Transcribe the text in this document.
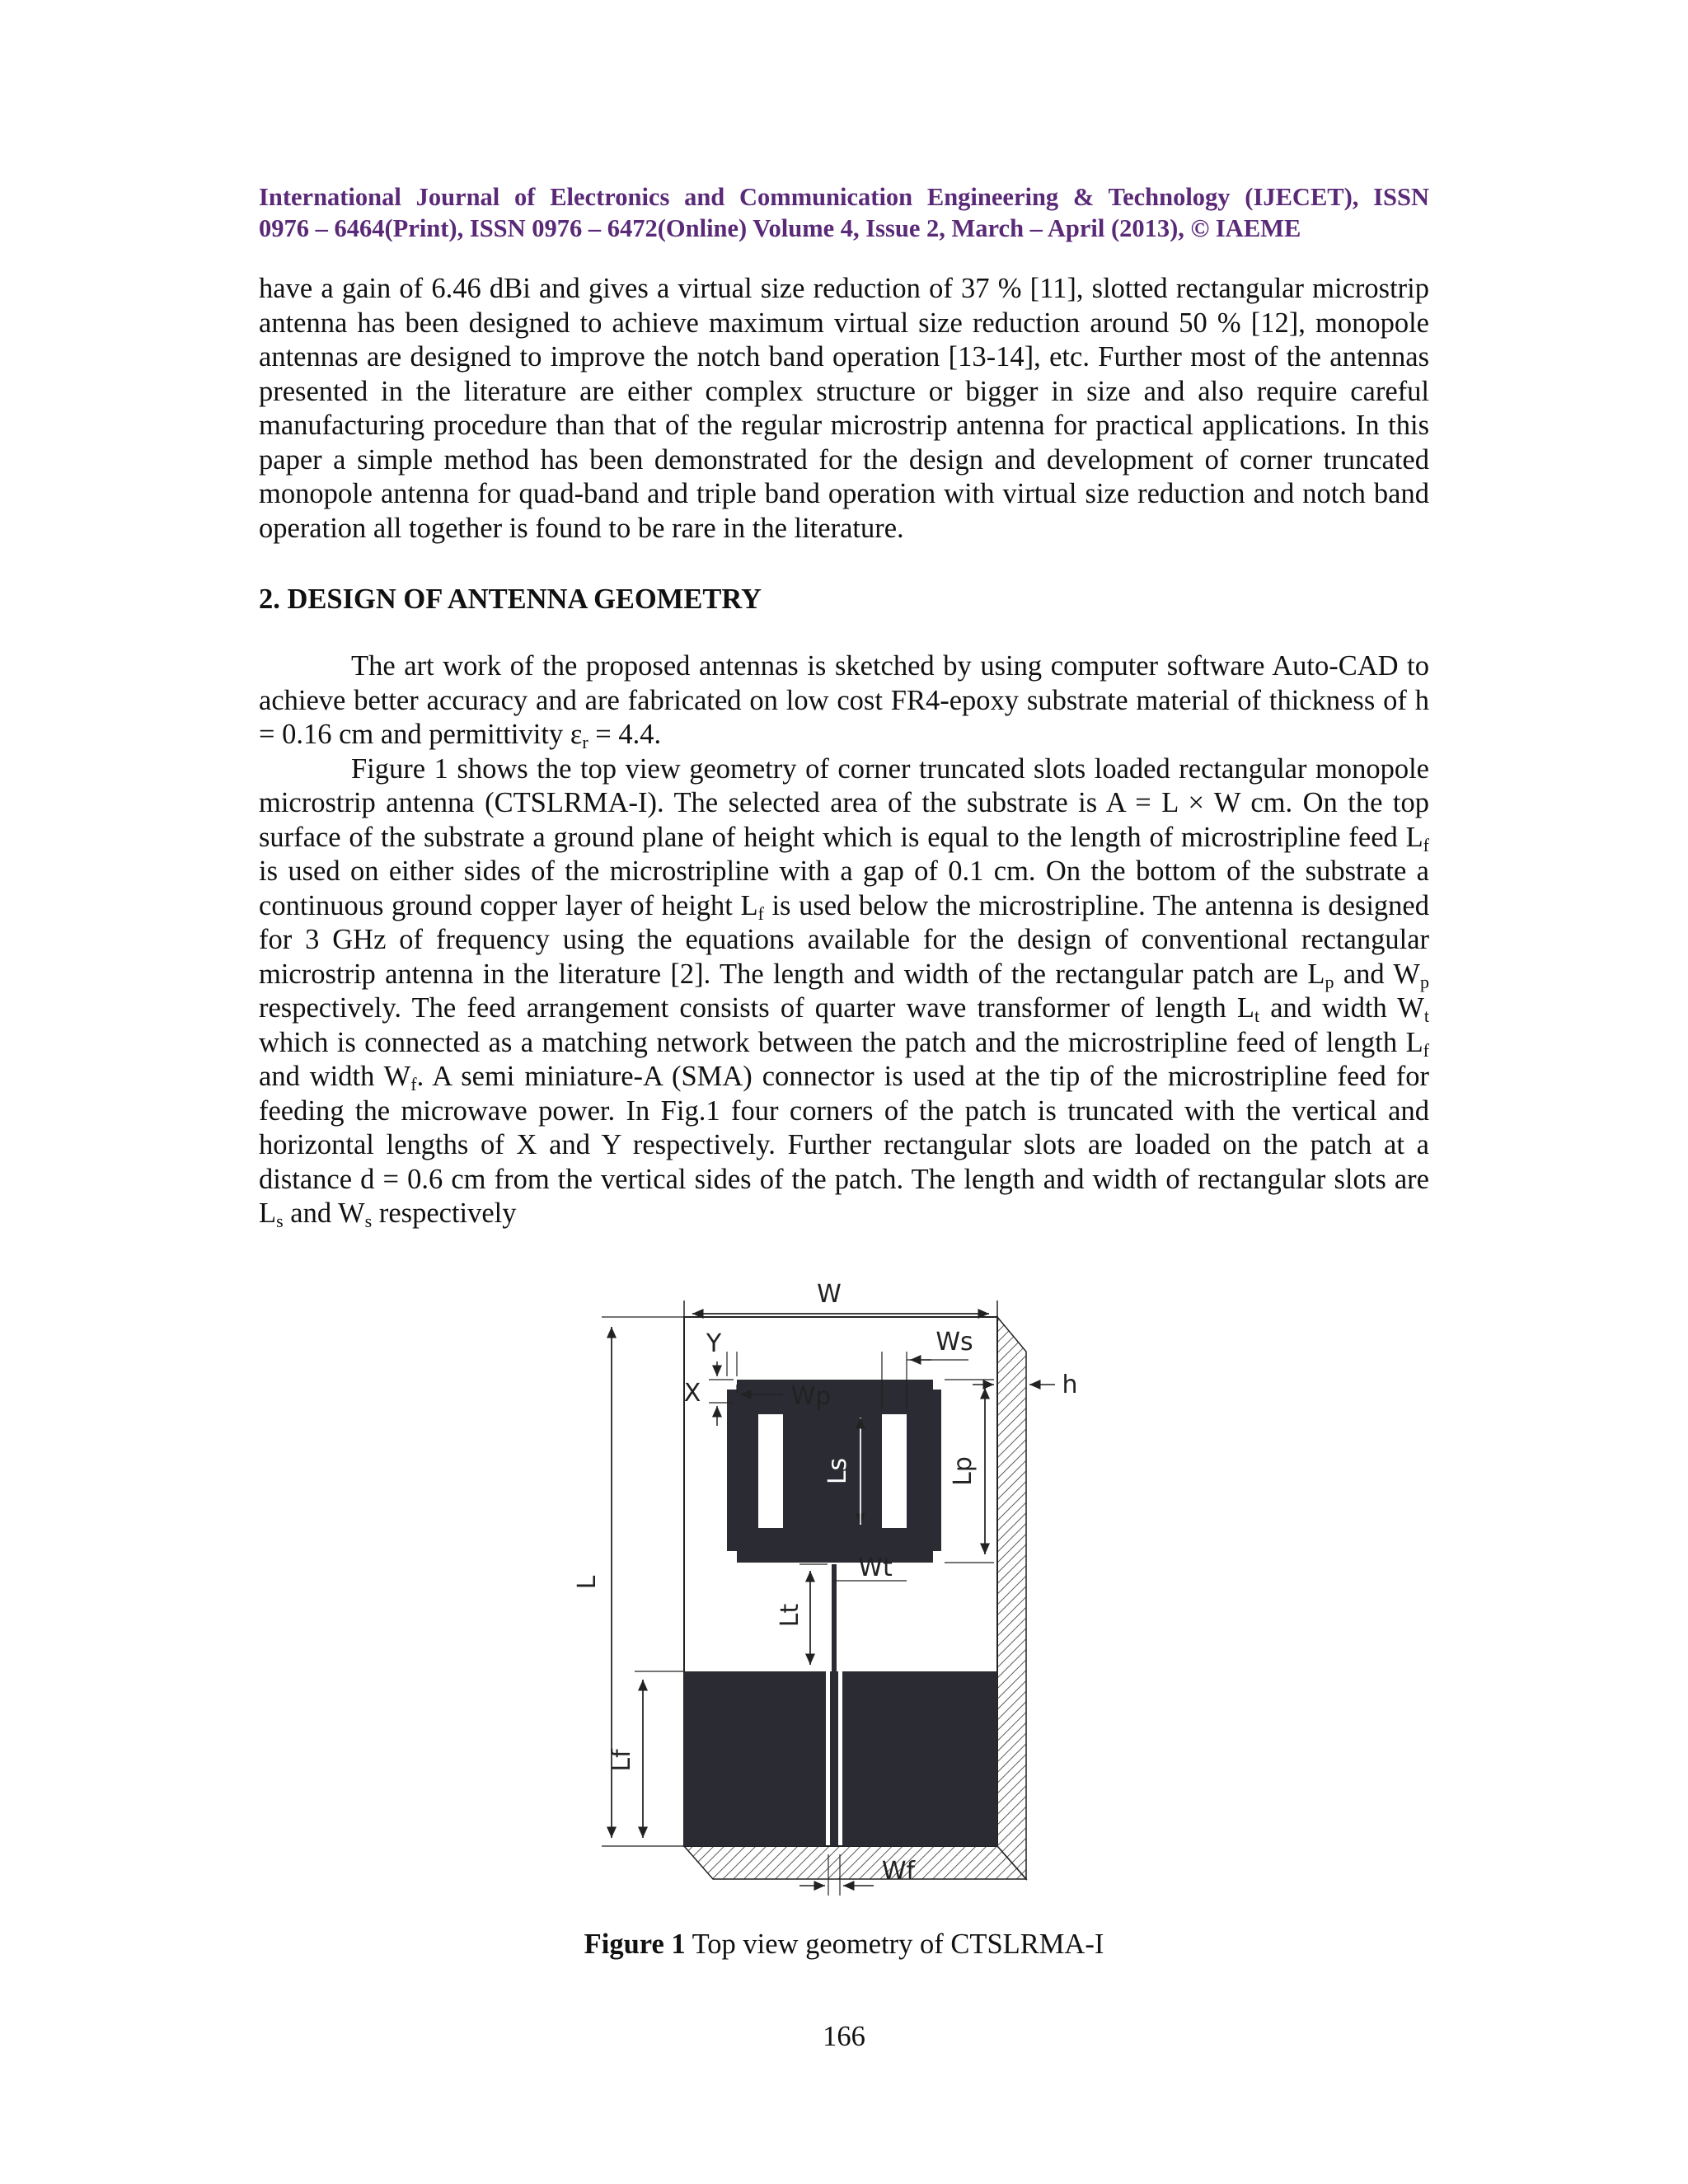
International Journal of Electronics and Communication Engineering & Technology (IJECET), ISSN
0976 – 6464(Print), ISSN 0976 – 6472(Online) Volume 4, Issue 2, March – April (2013), © IAEME

have a gain of 6.46 dBi and gives a virtual size reduction of 37 % [11], slotted rectangular microstrip antenna has been designed to achieve maximum virtual size reduction around 50 % [12], monopole antennas are designed to improve the notch band operation [13-14], etc. Further most of the antennas presented in the literature are either complex structure or bigger in size and also require careful manufacturing procedure than that of the regular microstrip antenna for practical applications. In this paper a simple method has been demonstrated for the design and development of corner truncated monopole antenna for quad-band and triple band operation with virtual size reduction and notch band operation all together is found to be rare in the literature.

2. DESIGN OF ANTENNA GEOMETRY

The art work of the proposed antennas is sketched by using computer software Auto-CAD to achieve better accuracy and are fabricated on low cost FR4-epoxy substrate material of thickness of h = 0.16 cm and permittivity $\varepsilon_r = 4.4$.

Figure 1 shows the top view geometry of corner truncated slots loaded rectangular monopole microstrip antenna (CTSLRMA-I). The selected area of the substrate is A = L × W cm. On the top surface of the substrate a ground plane of height which is equal to the length of microstripline feed $L_f$ is used on either sides of the microstripline with a gap of 0.1 cm. On the bottom of the substrate a continuous ground copper layer of height $L_f$ is used below the microstripline. The antenna is designed for 3 GHz of frequency using the equations available for the design of conventional rectangular microstrip antenna in the literature [2]. The length and width of the rectangular patch are $L_p$ and $W_p$ respectively. The feed arrangement consists of quarter wave transformer of length $L_t$ and width $W_t$ which is connected as a matching network between the patch and the microstripline feed of length $L_f$ and width $W_f$. A semi miniature-A (SMA) connector is used at the tip of the microstripline feed for feeding the microwave power. In Fig.1 four corners of the patch is truncated with the vertical and horizontal lengths of X and Y respectively. Further rectangular slots are loaded on the patch at a distance d = 0.6 cm from the vertical sides of the patch. The length and width of rectangular slots are $L_s$ and $W_s$ respectively

W
L
Lf
Ws
h
Y
Wp
X
Ls	Lp
Lt
Wt
Wf
Figure 1 Top view geometry of CTSLRMA-I
166
